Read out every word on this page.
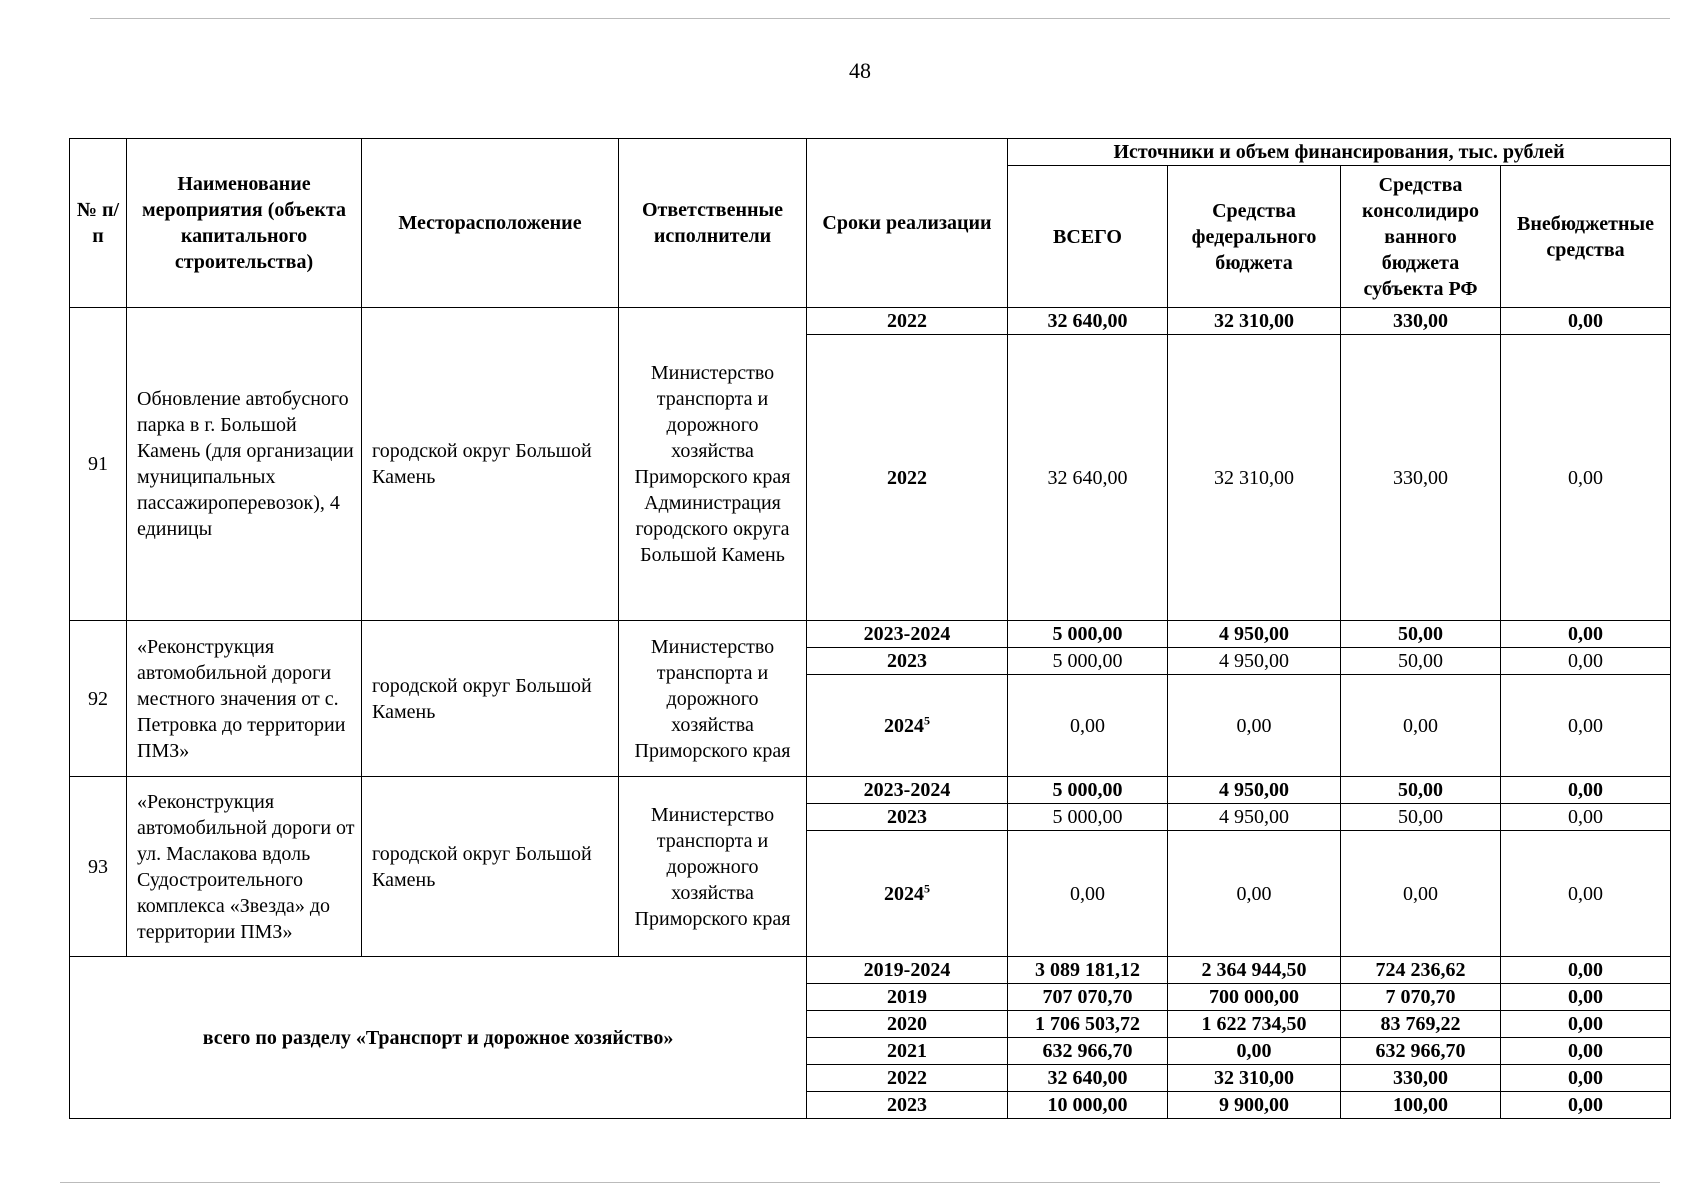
48
№ п/п	Наименование мероприятия (объекта капитального строительства)	Месторасположение	Ответственные исполнители	Сроки реализации	Источники и объем финансирования, тыс. рублей			
					ВСЕГО	Средства федерального бюджета	Средства консолидиро ванного бюджета субъекта РФ	Внебюджетные средства
91	Обновление автобусного парка в г. Большой Камень (для организации муниципальных пассажироперевозок), 4 единицы	городской округ Большой Камень	Министерство транспорта и дорожного хозяйства Приморского края Администрация городского округа Большой Камень	2022	32 640,00	32 310,00	330,00	0,00
				2022	32 640,00	32 310,00	330,00	0,00
92	«Реконструкция автомобильной дороги местного значения от с. Петровка до территории ПМЗ»	городской округ Большой Камень	Министерство транспорта и дорожного хозяйства Приморского края	2023-2024	5 000,00	4 950,00	50,00	0,00
				2023	5 000,00	4 950,00	50,00	0,00
				2024$^5$	0,00	0,00	0,00	0,00
93	«Реконструкция автомобильной дороги от ул. Маслакова вдоль Судостроительного комплекса «Звезда» до территории ПМЗ»	городской округ Большой Камень	Министерство транспорта и дорожного хозяйства Приморского края	2023-2024	5 000,00	4 950,00	50,00	0,00
				2023	5 000,00	4 950,00	50,00	0,00
				2024$^5$	0,00	0,00	0,00	0,00
всего по разделу «Транспорт и дорожное хозяйство»				2019-2024	3 089 181,12	2 364 944,50	724 236,62	0,00
				2019	707 070,70	700 000,00	7 070,70	0,00
				2020	1 706 503,72	1 622 734,50	83 769,22	0,00
				2021	632 966,70	0,00	632 966,70	0,00
				2022	32 640,00	32 310,00	330,00	0,00
				2023	10 000,00	9 900,00	100,00	0,00
